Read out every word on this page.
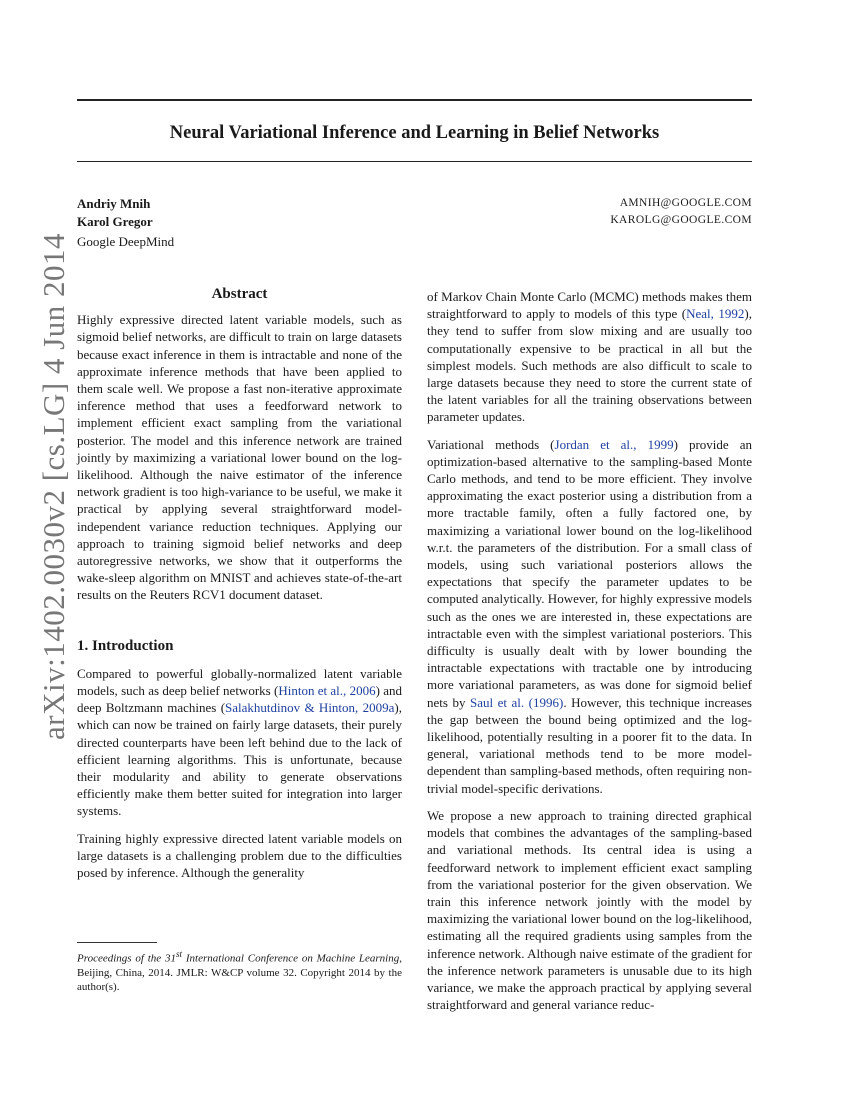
arXiv:1402.0030v2 [cs.LG] 4 Jun 2014
Neural Variational Inference and Learning in Belief Networks
Andriy Mnih
Karol Gregor
Google DeepMind
AMNIH@GOOGLE.COM
KAROLG@GOOGLE.COM
Abstract

Highly expressive directed latent variable models, such as sigmoid belief networks, are difficult to train on large datasets because exact inference in them is intractable and none of the approximate inference methods that have been applied to them scale well. We propose a fast non-iterative approximate inference method that uses a feedforward network to implement efficient exact sampling from the variational posterior. The model and this inference network are trained jointly by maximizing a variational lower bound on the log-likelihood. Although the naive estimator of the inference network gradient is too high-variance to be useful, we make it practical by applying several straightforward model-independent variance reduction techniques. Applying our approach to training sigmoid belief networks and deep autoregressive networks, we show that it outperforms the wake-sleep algorithm on MNIST and achieves state-of-the-art results on the Reuters RCV1 document dataset.

1. Introduction

Compared to powerful globally-normalized latent variable models, such as deep belief networks (Hinton et al., 2006) and deep Boltzmann machines (Salakhutdinov & Hinton, 2009a), which can now be trained on fairly large datasets, their purely directed counterparts have been left behind due to the lack of efficient learning algorithms. This is unfortunate, because their modularity and ability to generate observations efficiently make them better suited for integration into larger systems.

Training highly expressive directed latent variable models on large datasets is a challenging problem due to the difficulties posed by inference. Although the generality

of Markov Chain Monte Carlo (MCMC) methods makes them straightforward to apply to models of this type (Neal, 1992), they tend to suffer from slow mixing and are usually too computationally expensive to be practical in all but the simplest models. Such methods are also difficult to scale to large datasets because they need to store the current state of the latent variables for all the training observations between parameter updates.

Variational methods (Jordan et al., 1999) provide an optimization-based alternative to the sampling-based Monte Carlo methods, and tend to be more efficient. They involve approximating the exact posterior using a distribution from a more tractable family, often a fully factored one, by maximizing a variational lower bound on the log-likelihood w.r.t. the parameters of the distribution. For a small class of models, using such variational posteriors allows the expectations that specify the parameter updates to be computed analytically. However, for highly expressive models such as the ones we are interested in, these expectations are intractable even with the simplest variational posteriors. This difficulty is usually dealt with by lower bounding the intractable expectations with tractable one by introducing more variational parameters, as was done for sigmoid belief nets by Saul et al. (1996). However, this technique increases the gap between the bound being optimized and the log-likelihood, potentially resulting in a poorer fit to the data. In general, variational methods tend to be more model-dependent than sampling-based methods, often requiring non-trivial model-specific derivations.

We propose a new approach to training directed graphical models that combines the advantages of the sampling-based and variational methods. Its central idea is using a feedforward network to implement efficient exact sampling from the variational posterior for the given observation. We train this inference network jointly with the model by maximizing the variational lower bound on the log-likelihood, estimating all the required gradients using samples from the inference network. Although naive estimate of the gradient for the inference network parameters is unusable due to its high variance, we make the approach practical by applying several straightforward and general variance reduc-

Proceedings of the 31st International Conference on Machine Learning, Beijing, China, 2014. JMLR: W&CP volume 32. Copyright 2014 by the author(s).
